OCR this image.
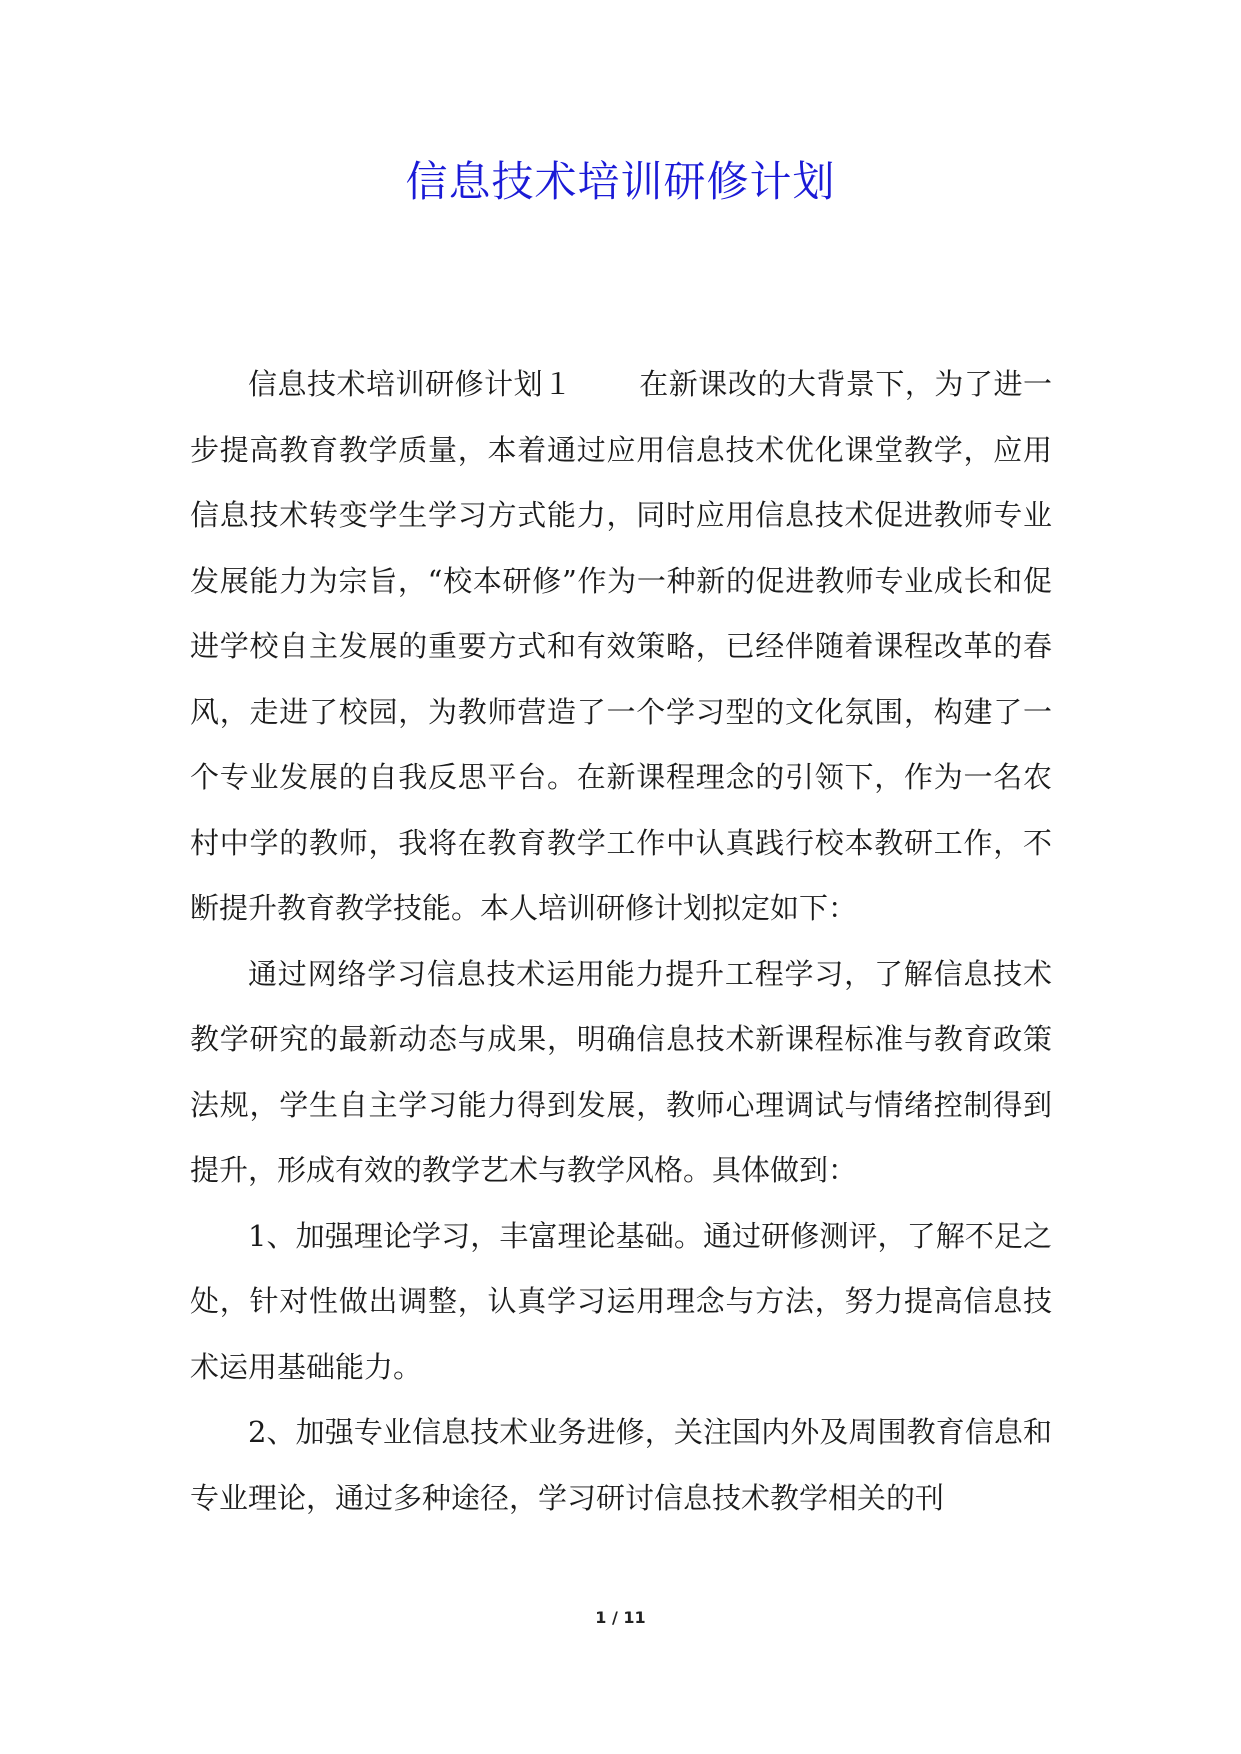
信息技术培训研修计划

信息技术培训研修计划１ 在新课改的大背景下，为了进一步提高教育教学质量，本着通过应用信息技术优化课堂教学，应用信息技术转变学生学习方式能力，同时应用信息技术促进教师专业发展能力为宗旨，“校本研修”作为一种新的促进教师专业成长和促进学校自主发展的重要方式和有效策略，已经伴随着课程改革的春风，走进了校园，为教师营造了一个学习型的文化氛围，构建了一个专业发展的自我反思平台。在新课程理念的引领下，作为一名农村中学的教师，我将在教育教学工作中认真践行校本教研工作，不断提升教育教学技能。本人培训研修计划拟定如下：

通过网络学习信息技术运用能力提升工程学习，了解信息技术教学研究的最新动态与成果，明确信息技术新课程标准与教育政策法规，学生自主学习能力得到发展，教师心理调试与情绪控制得到提升，形成有效的教学艺术与教学风格。具体做到：

1、加强理论学习，丰富理论基础。通过研修测评，了解不足之处，针对性做出调整，认真学习运用理念与方法，努力提高信息技术运用基础能力。

2、加强专业信息技术业务进修，关注国内外及周围教育信息和专业理论，通过多种途径，学习研讨信息技术教学相关的刊

1 / 11
